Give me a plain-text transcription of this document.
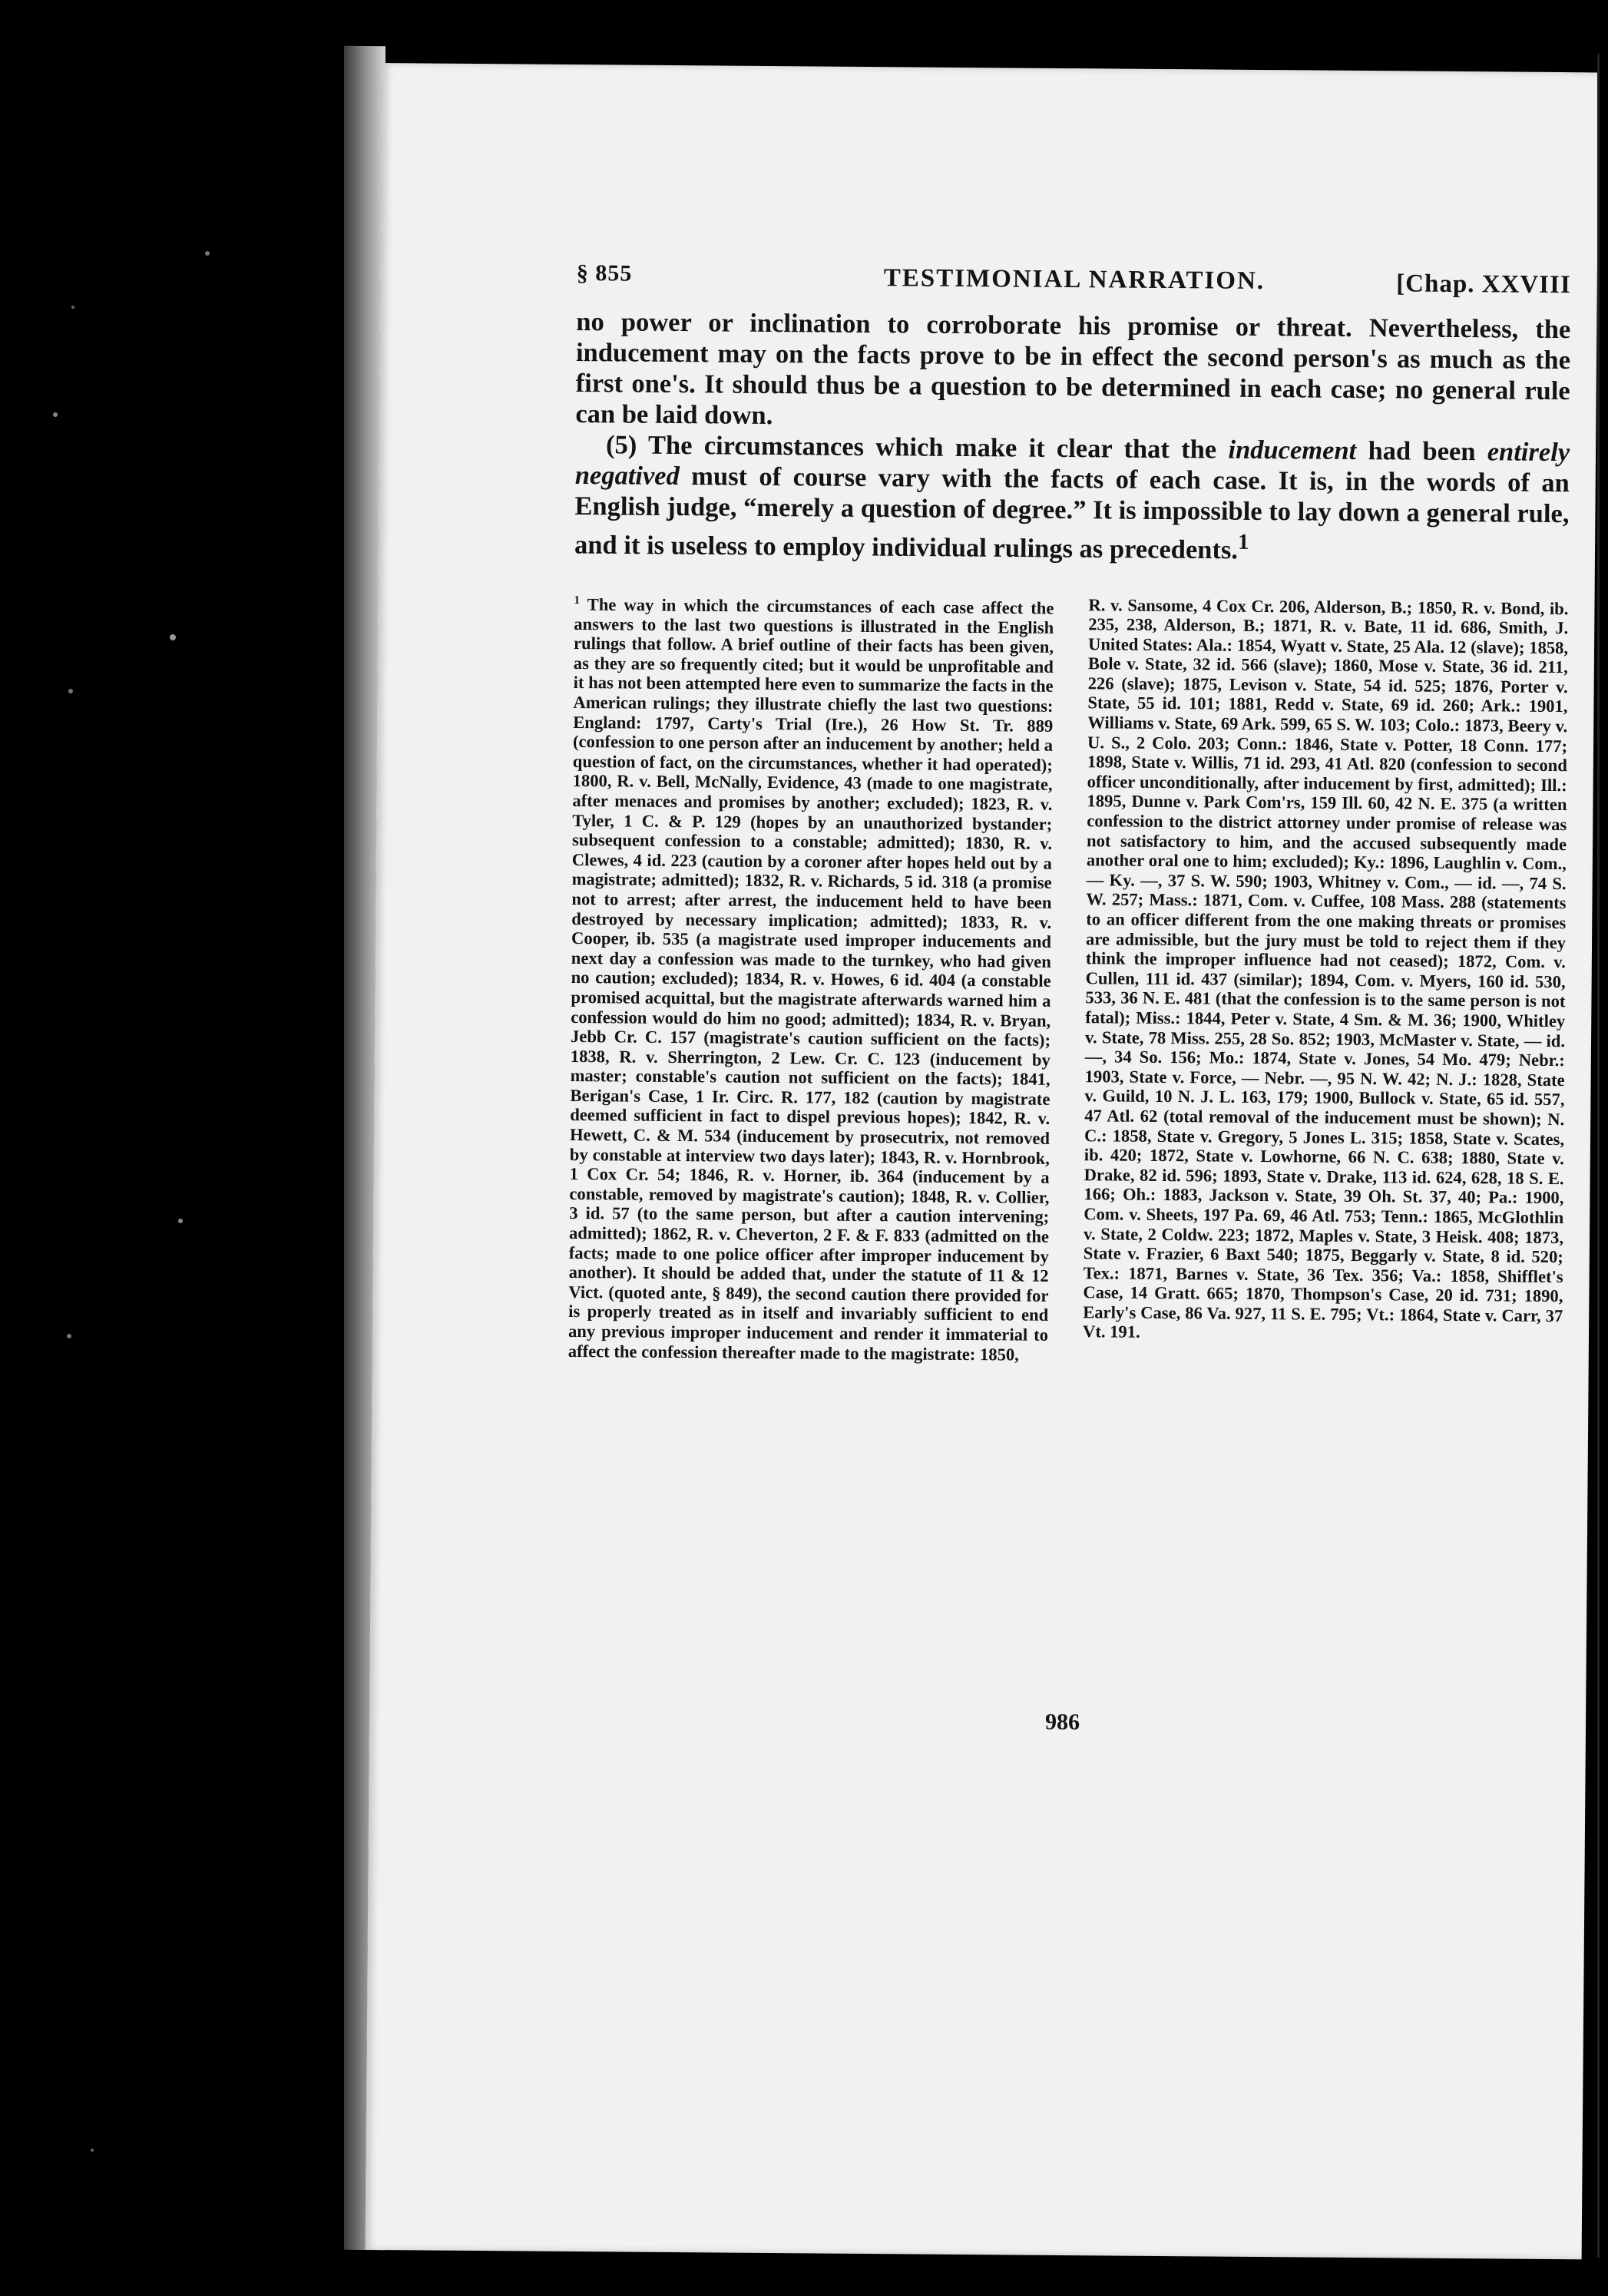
§ 855	TESTIMONIAL NARRATION.	[Chap. XXVIII

no power or inclination to corroborate his promise or threat. Nevertheless, the inducement may on the facts prove to be in effect the second person's as much as the first one's. It should thus be a question to be determined in each case; no general rule can be laid down.

(5) The circumstances which make it clear that the inducement had been entirely negatived must of course vary with the facts of each case. It is, in the words of an English judge, “merely a question of degree.” It is impossible to lay down a general rule, and it is useless to employ individual rulings as precedents.$^1$

$^1$ The way in which the circumstances of each case affect the answers to the last two questions is illustrated in the English rulings that follow. A brief outline of their facts has been given, as they are so frequently cited; but it would be unprofitable and it has not been attempted here even to summarize the facts in the American rulings; they illustrate chiefly the last two questions: England: 1797, Carty's Trial (Ire.), 26 How St. Tr. 889 (confession to one person after an inducement by another; held a question of fact, on the circumstances, whether it had operated); 1800, R. v. Bell, McNally, Evidence, 43 (made to one magistrate, after menaces and promises by another; excluded); 1823, R. v. Tyler, 1 C. & P. 129 (hopes by an unauthorized bystander; subsequent confession to a constable; admitted); 1830, R. v. Clewes, 4 id. 223 (caution by a coroner after hopes held out by a magistrate; admitted); 1832, R. v. Richards, 5 id. 318 (a promise not to arrest; after arrest, the inducement held to have been destroyed by necessary implication; admitted); 1833, R. v. Cooper, ib. 535 (a magistrate used improper inducements and next day a confession was made to the turnkey, who had given no caution; excluded); 1834, R. v. Howes, 6 id. 404 (a constable promised acquittal, but the magistrate afterwards warned him a confession would do him no good; admitted); 1834, R. v. Bryan, Jebb Cr. C. 157 (magistrate's caution sufficient on the facts); 1838, R. v. Sherrington, 2 Lew. Cr. C. 123 (inducement by master; constable's caution not sufficient on the facts); 1841, Berigan's Case, 1 Ir. Circ. R. 177, 182 (caution by magistrate deemed sufficient in fact to dispel previous hopes); 1842, R. v. Hewett, C. & M. 534 (inducement by prosecutrix, not removed by constable at interview two days later); 1843, R. v. Hornbrook, 1 Cox Cr. 54; 1846, R. v. Horner, ib. 364 (inducement by a constable, removed by magistrate's caution); 1848, R. v. Collier, 3 id. 57 (to the same person, but after a caution intervening; admitted); 1862, R. v. Cheverton, 2 F. & F. 833 (admitted on the facts; made to one police officer after improper inducement by another). It should be added that, under the statute of 11 & 12 Vict. (quoted ante, § 849), the second caution there provided for is properly treated as in itself and invariably sufficient to end any previous improper inducement and render it immaterial to affect the confession thereafter made to the magistrate: 1850,

R. v. Sansome, 4 Cox Cr. 206, Alderson, B.; 1850, R. v. Bond, ib. 235, 238, Alderson, B.; 1871, R. v. Bate, 11 id. 686, Smith, J. United States: Ala.: 1854, Wyatt v. State, 25 Ala. 12 (slave); 1858, Bole v. State, 32 id. 566 (slave); 1860, Mose v. State, 36 id. 211, 226 (slave); 1875, Levison v. State, 54 id. 525; 1876, Porter v. State, 55 id. 101; 1881, Redd v. State, 69 id. 260; Ark.: 1901, Williams v. State, 69 Ark. 599, 65 S. W. 103; Colo.: 1873, Beery v. U. S., 2 Colo. 203; Conn.: 1846, State v. Potter, 18 Conn. 177; 1898, State v. Willis, 71 id. 293, 41 Atl. 820 (confession to second officer unconditionally, after inducement by first, admitted); Ill.: 1895, Dunne v. Park Com'rs, 159 Ill. 60, 42 N. E. 375 (a written confession to the district attorney under promise of release was not satisfactory to him, and the accused subsequently made another oral one to him; excluded); Ky.: 1896, Laughlin v. Com., — Ky. —, 37 S. W. 590; 1903, Whitney v. Com., — id. —, 74 S. W. 257; Mass.: 1871, Com. v. Cuffee, 108 Mass. 288 (statements to an officer different from the one making threats or promises are admissible, but the jury must be told to reject them if they think the improper influence had not ceased); 1872, Com. v. Cullen, 111 id. 437 (similar); 1894, Com. v. Myers, 160 id. 530, 533, 36 N. E. 481 (that the confession is to the same person is not fatal); Miss.: 1844, Peter v. State, 4 Sm. & M. 36; 1900, Whitley v. State, 78 Miss. 255, 28 So. 852; 1903, McMaster v. State, — id. —, 34 So. 156; Mo.: 1874, State v. Jones, 54 Mo. 479; Nebr.: 1903, State v. Force, — Nebr. —, 95 N. W. 42; N. J.: 1828, State v. Guild, 10 N. J. L. 163, 179; 1900, Bullock v. State, 65 id. 557, 47 Atl. 62 (total removal of the inducement must be shown); N. C.: 1858, State v. Gregory, 5 Jones L. 315; 1858, State v. Scates, ib. 420; 1872, State v. Lowhorne, 66 N. C. 638; 1880, State v. Drake, 82 id. 596; 1893, State v. Drake, 113 id. 624, 628, 18 S. E. 166; Oh.: 1883, Jackson v. State, 39 Oh. St. 37, 40; Pa.: 1900, Com. v. Sheets, 197 Pa. 69, 46 Atl. 753; Tenn.: 1865, McGlothlin v. State, 2 Coldw. 223; 1872, Maples v. State, 3 Heisk. 408; 1873, State v. Frazier, 6 Baxt 540; 1875, Beggarly v. State, 8 id. 520; Tex.: 1871, Barnes v. State, 36 Tex. 356; Va.: 1858, Shifflet's Case, 14 Gratt. 665; 1870, Thompson's Case, 20 id. 731; 1890, Early's Case, 86 Va. 927, 11 S. E. 795; Vt.: 1864, State v. Carr, 37 Vt. 191.

986
